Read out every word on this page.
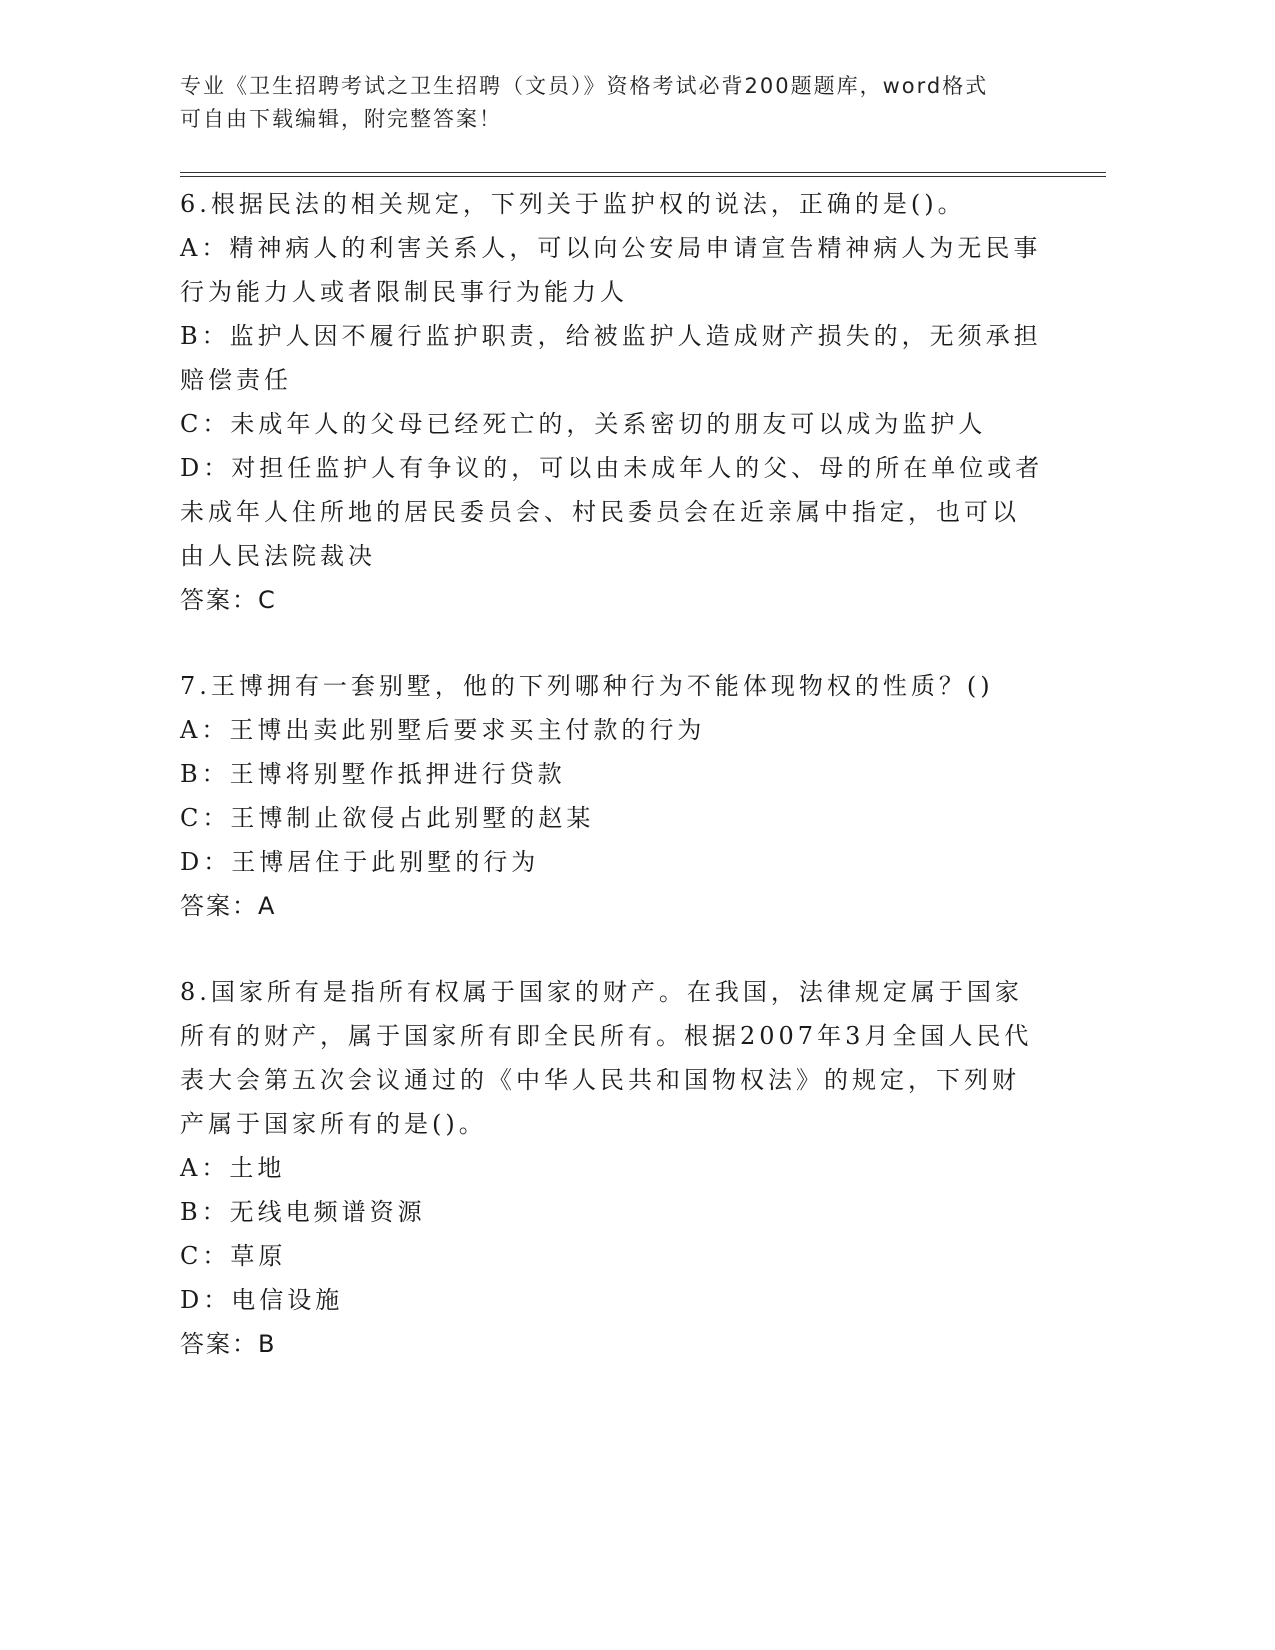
专业《卫生招聘考试之卫生招聘（文员）》资格考试必背200题题库，word格式

可自由下载编辑，附完整答案！

6.根据民法的相关规定，下列关于监护权的说法，正确的是()。

A：精神病人的利害关系人，可以向公安局申请宣告精神病人为无民事

行为能力人或者限制民事行为能力人

B：监护人因不履行监护职责，给被监护人造成财产损失的，无须承担

赔偿责任

C：未成年人的父母已经死亡的，关系密切的朋友可以成为监护人

D：对担任监护人有争议的，可以由未成年人的父、母的所在单位或者

未成年人住所地的居民委员会、村民委员会在近亲属中指定，也可以

由人民法院裁决

答案：C

7.王博拥有一套别墅，他的下列哪种行为不能体现物权的性质？()

A：王博出卖此别墅后要求买主付款的行为

B：王博将别墅作抵押进行贷款

C：王博制止欲侵占此别墅的赵某

D：王博居住于此别墅的行为

答案：A

8.国家所有是指所有权属于国家的财产。在我国，法律规定属于国家

所有的财产，属于国家所有即全民所有。根据2007年3月全国人民代

表大会第五次会议通过的《中华人民共和国物权法》的规定，下列财

产属于国家所有的是()。

A：土地

B：无线电频谱资源

C：草原

D：电信设施

答案：B
